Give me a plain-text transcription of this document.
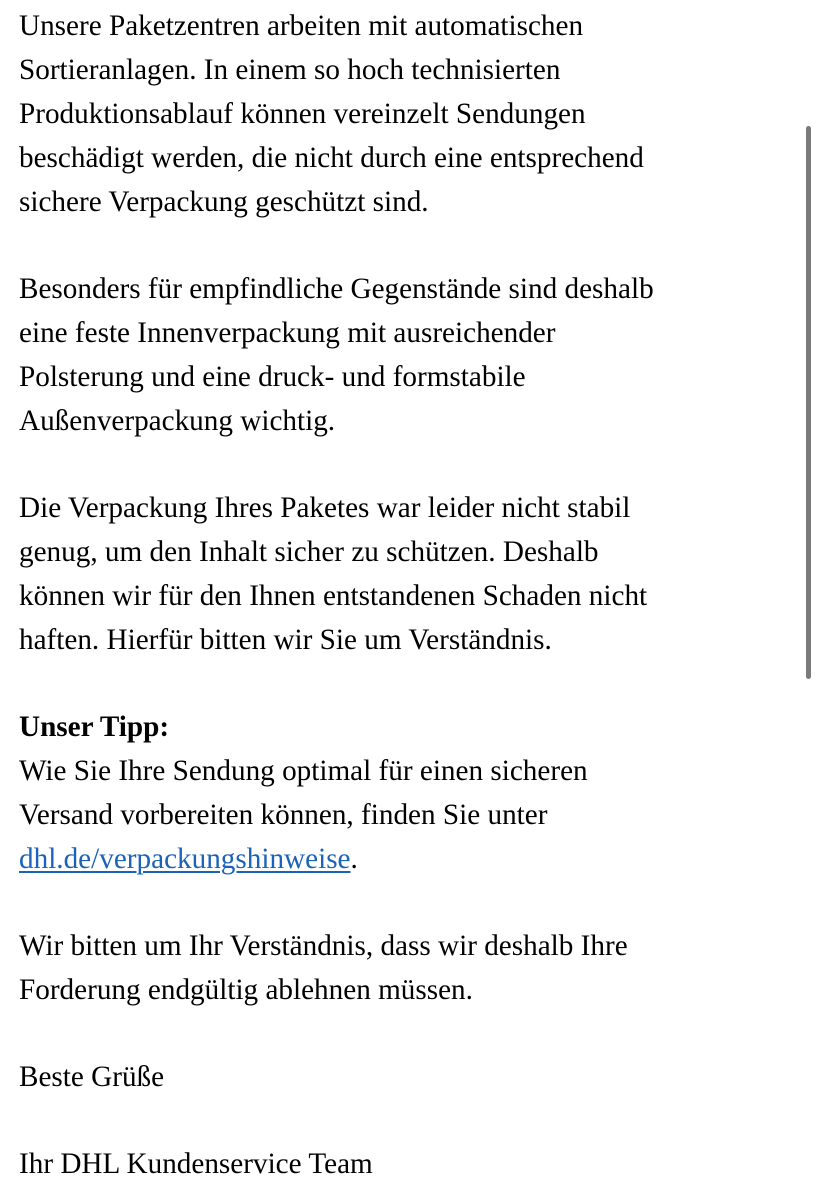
Unsere Paketzentren arbeiten mit automatischen
Sortieranlagen. In einem so hoch technisierten
Produktionsablauf können vereinzelt Sendungen
beschädigt werden, die nicht durch eine entsprechend
sichere Verpackung geschützt sind.

Besonders für empfindliche Gegenstände sind deshalb
eine feste Innenverpackung mit ausreichender
Polsterung und eine druck- und formstabile
Außenverpackung wichtig.

Die Verpackung Ihres Paketes war leider nicht stabil
genug, um den Inhalt sicher zu schützen. Deshalb
können wir für den Ihnen entstandenen Schaden nicht
haften. Hierfür bitten wir Sie um Verständnis.

Unser Tipp:
Wie Sie Ihre Sendung optimal für einen sicheren
Versand vorbereiten können, finden Sie unter
dhl.de/verpackungshinweise.

Wir bitten um Ihr Verständnis, dass wir deshalb Ihre
Forderung endgültig ablehnen müssen.

Beste Grüße

Ihr DHL Kundenservice Team
